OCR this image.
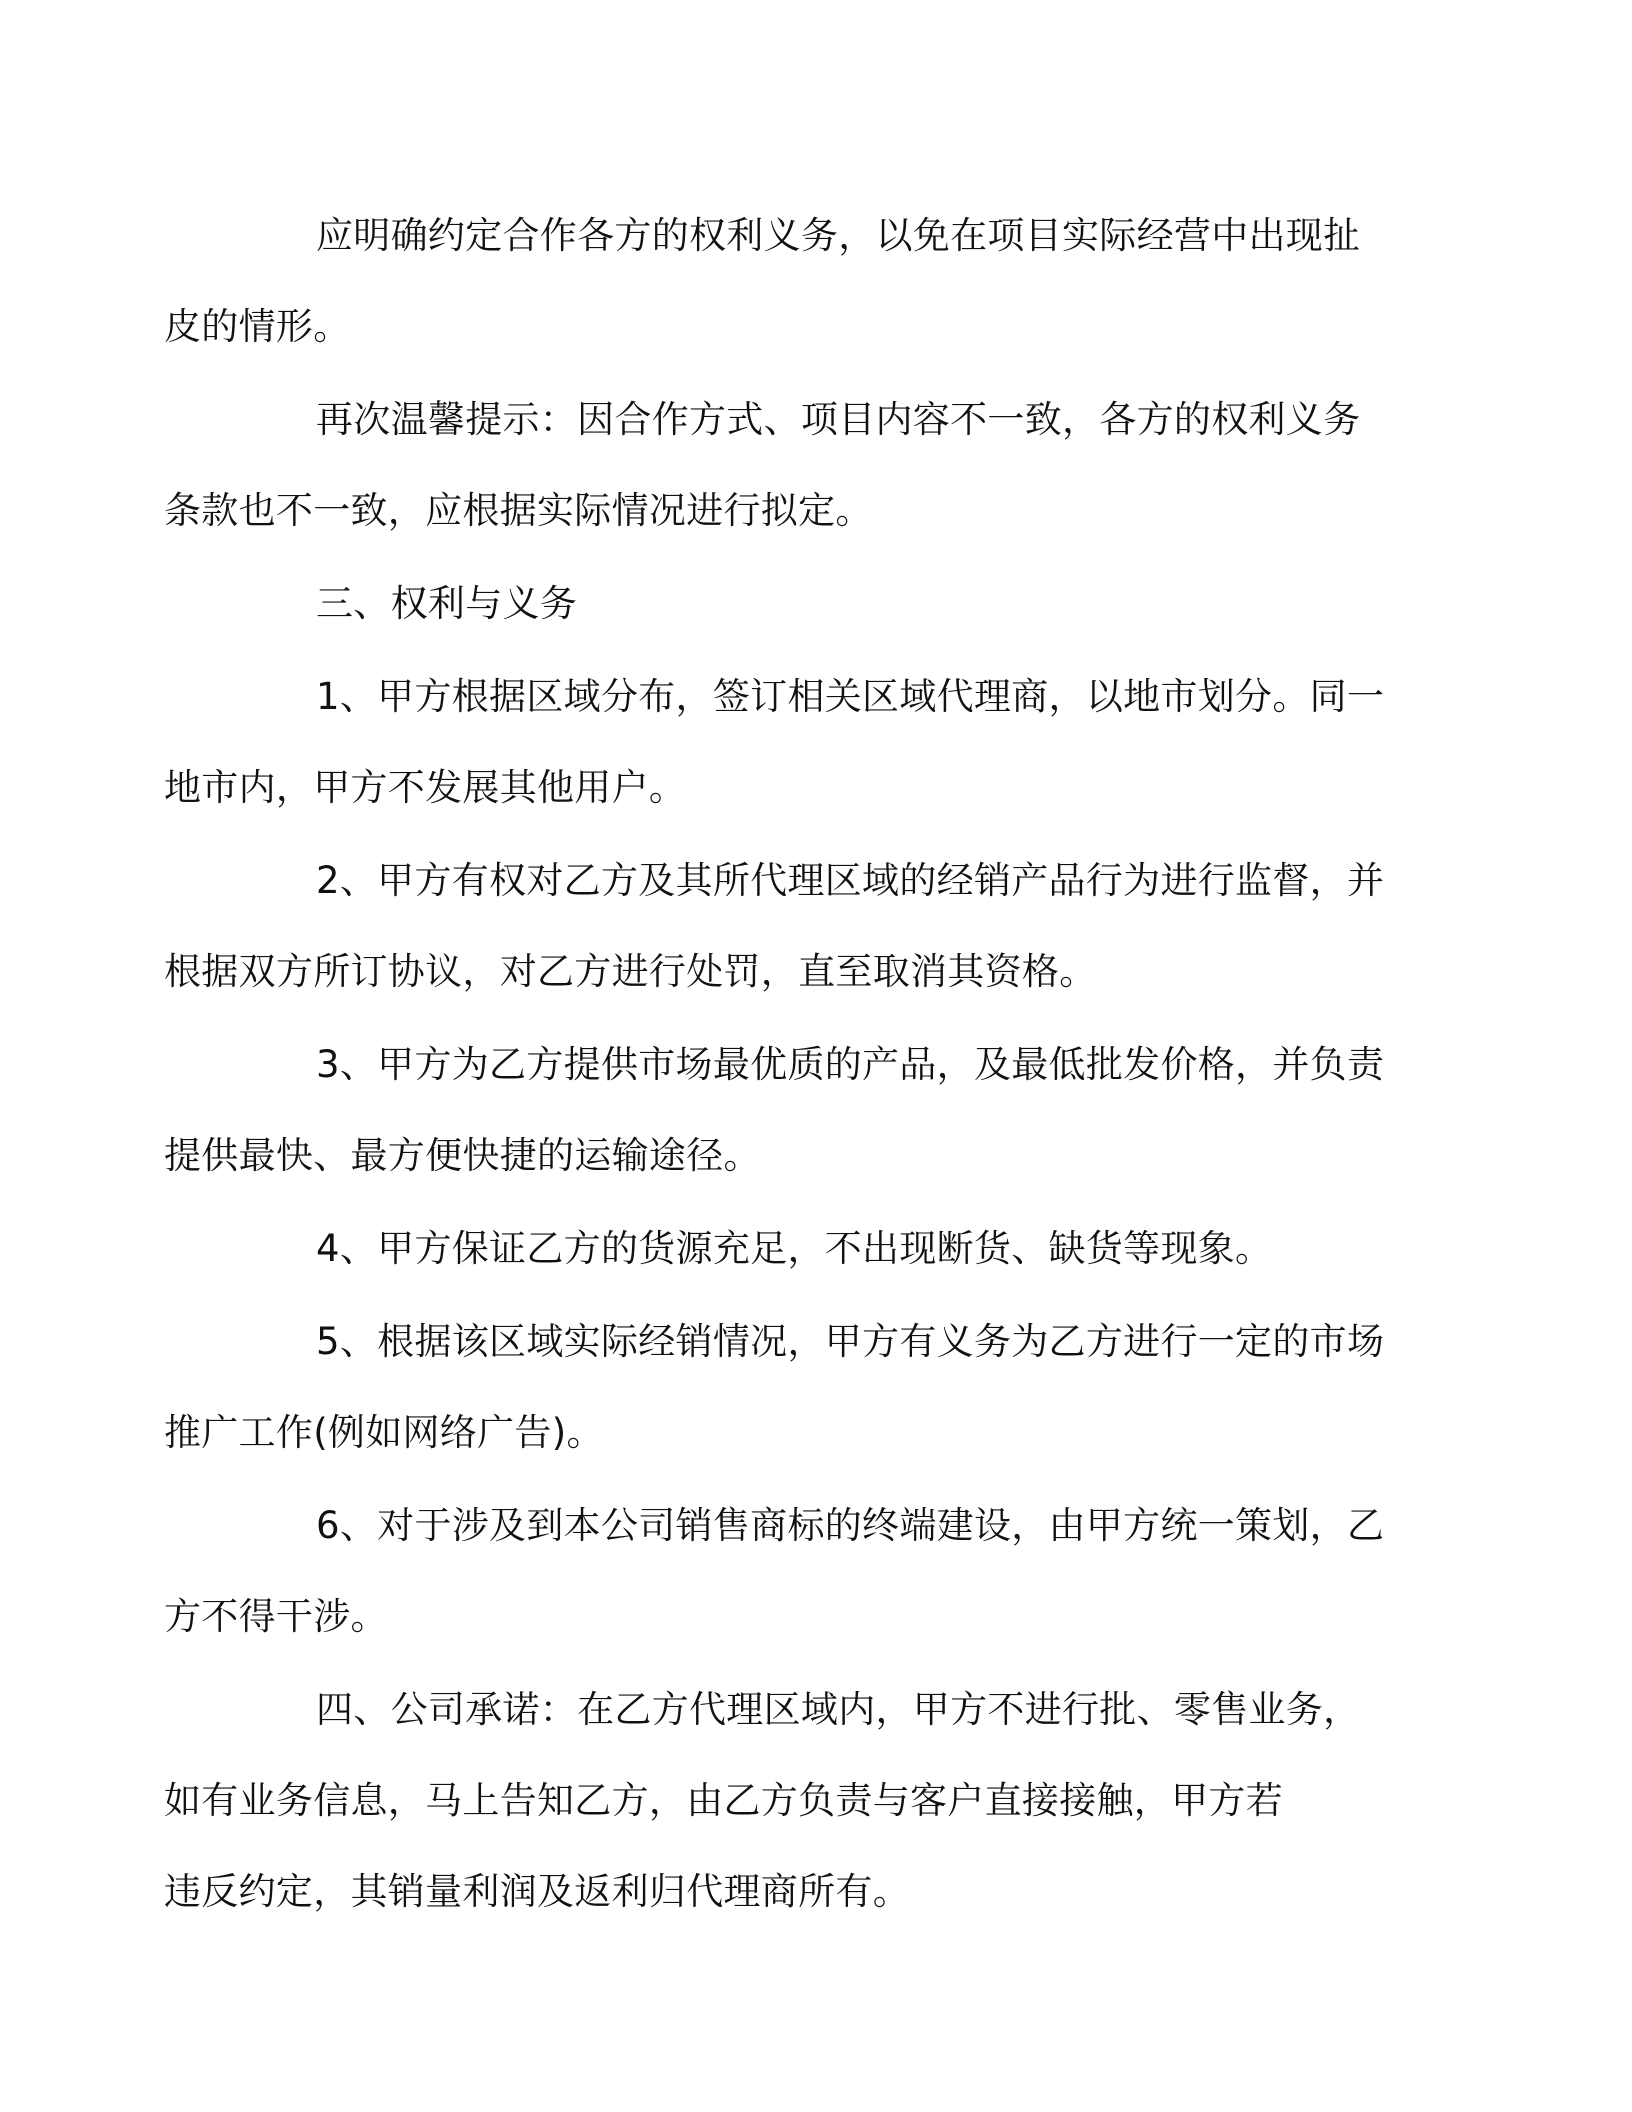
应明确约定合作各方的权利义务，以免在项目实际经营中出现扯
皮的情形。

再次温馨提示：因合作方式、项目内容不一致，各方的权利义务
条款也不一致，应根据实际情况进行拟定。

三、权利与义务

1、甲方根据区域分布，签订相关区域代理商，以地市划分。同一
地市内，甲方不发展其他用户。

2、甲方有权对乙方及其所代理区域的经销产品行为进行监督，并
根据双方所订协议，对乙方进行处罚，直至取消其资格。

3、甲方为乙方提供市场最优质的产品，及最低批发价格，并负责
提供最快、最方便快捷的运输途径。

4、甲方保证乙方的货源充足，不出现断货、缺货等现象。

5、根据该区域实际经销情况，甲方有义务为乙方进行一定的市场
推广工作(例如网络广告)。

6、对于涉及到本公司销售商标的终端建设，由甲方统一策划，乙
方不得干涉。

四、公司承诺：在乙方代理区域内，甲方不进行批、零售业务，
如有业务信息，马上告知乙方，由乙方负责与客户直接接触，甲方若
违反约定，其销量利润及返利归代理商所有。
